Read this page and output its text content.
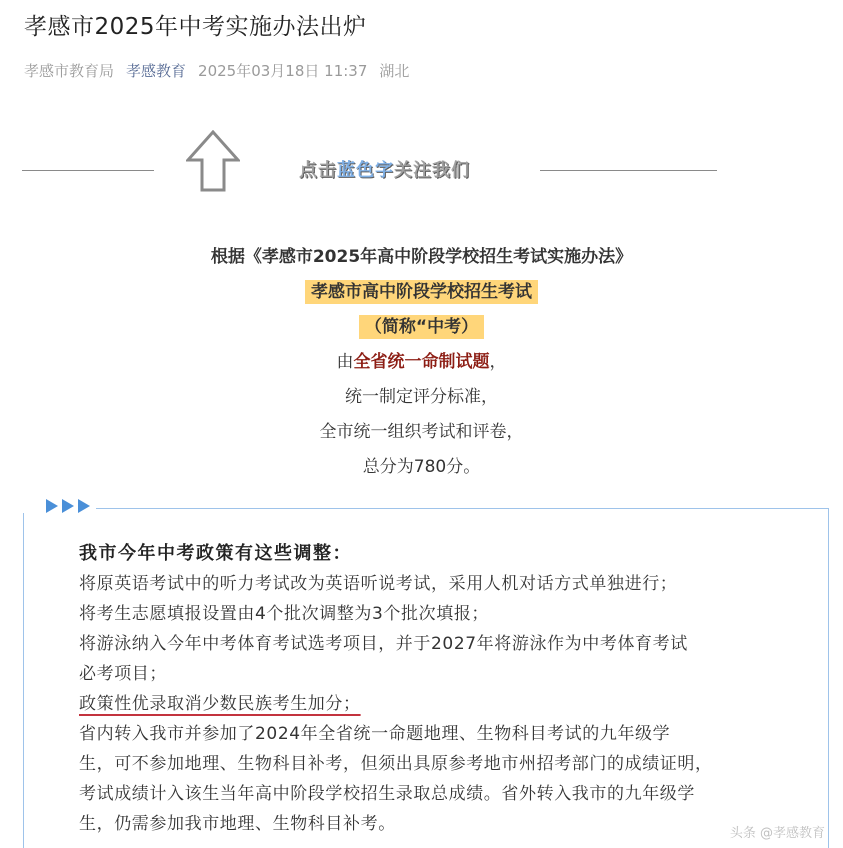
孝感市2025年中考实施办法出炉
孝感市教育局 孝感教育 2025年03月18日 11:37 湖北
点击蓝色字关注我们
根据《孝感市2025年高中阶段学校招生考试实施办法》
孝感市高中阶段学校招生考试
（简称“中考）
由全省统一命制试题，
统一制定评分标准，
全市统一组织考试和评卷，
总分为780分。
我市今年中考政策有这些调整：
将原英语考试中的听力考试改为英语听说考试，采用人机对话方式单独进行；
将考生志愿填报设置由4个批次调整为3个批次填报；
将游泳纳入今年中考体育考试选考项目，并于2027年将游泳作为中考体育考试
必考项目；
政策性优录取消少数民族考生加分；
省内转入我市并参加了2024年全省统一命题地理、生物科目考试的九年级学
生，可不参加地理、生物科目补考，但须出具原参考地市州招考部门的成绩证明，
考试成绩计入该生当年高中阶段学校招生录取总成绩。省外转入我市的九年级学
生，仍需参加我市地理、生物科目补考。	头条 @孝感教育
